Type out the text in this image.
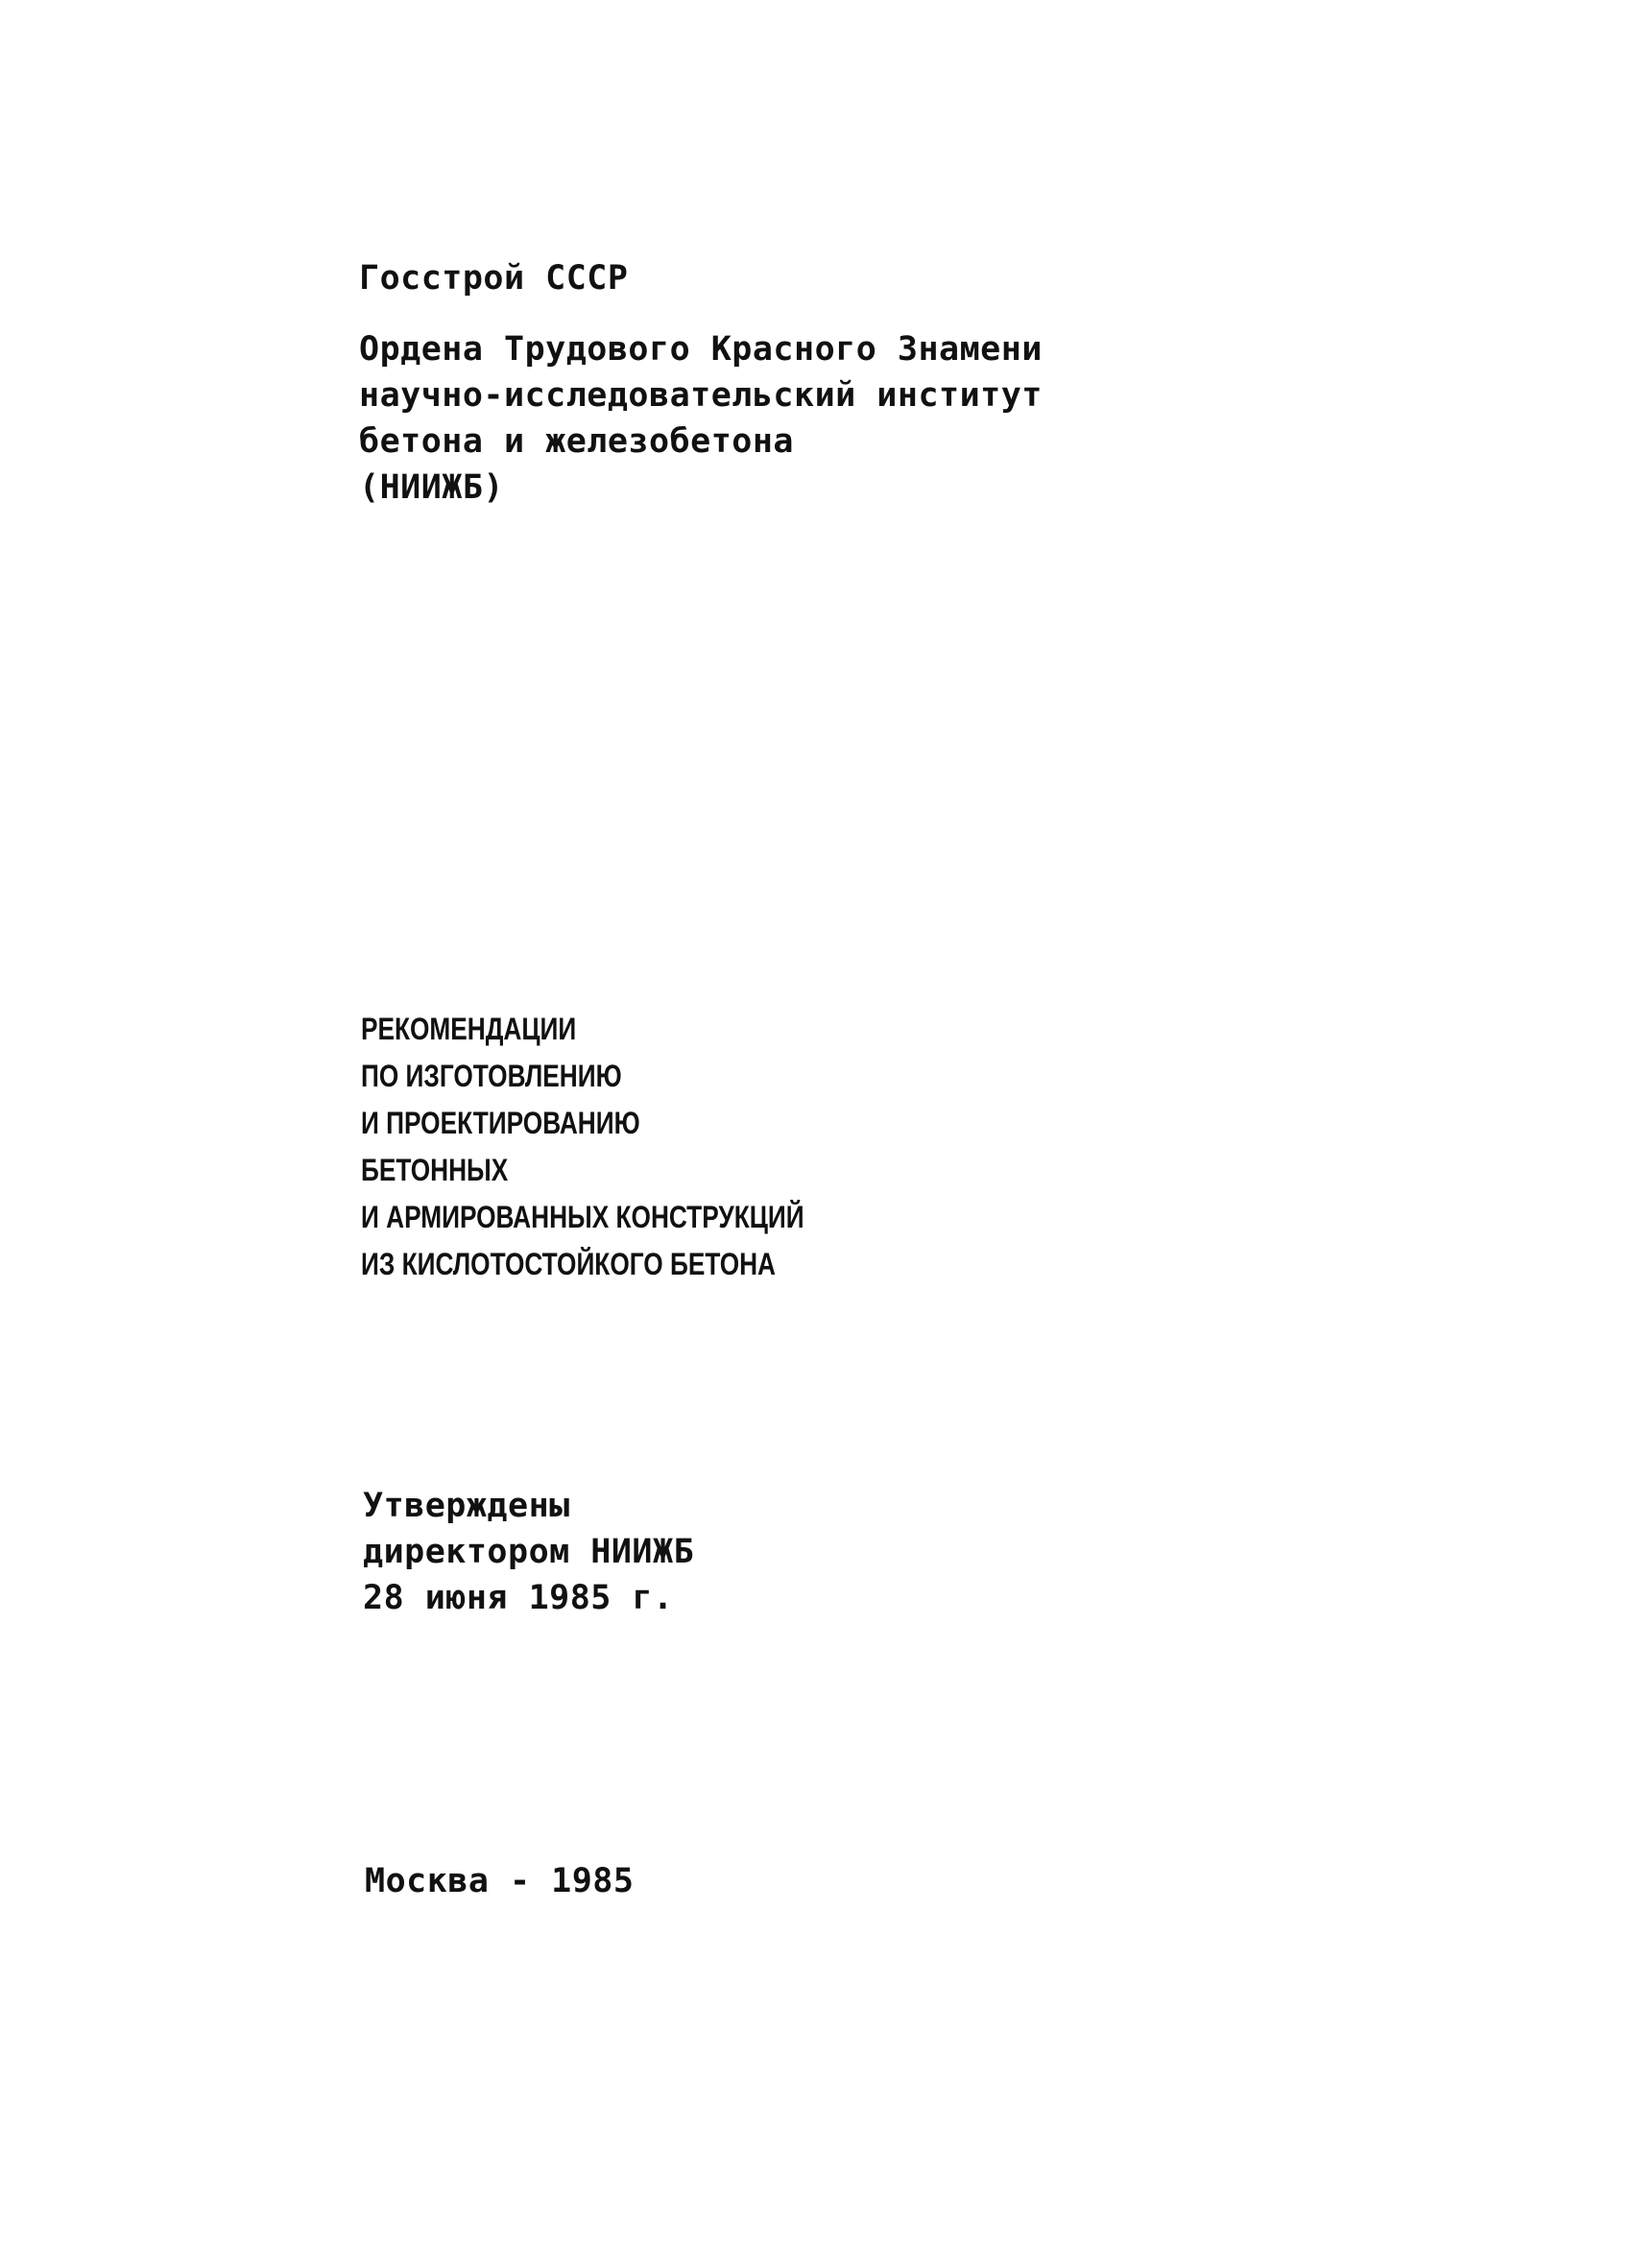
Госстрой СССР
Ордена Трудового Красного Знамени
научно-исследовательский институт
бетона и железобетона
(НИИЖБ)
РЕКОМЕНДАЦИИ
ПО ИЗГОТОВЛЕНИЮ
И ПРОЕКТИРОВАНИЮ
БЕТОННЫХ
И АРМИРОВАННЫХ КОНСТРУКЦИЙ
ИЗ КИСЛОТОСТОЙКОГО БЕТОНА
Утверждены
директором НИИЖБ
28 июня 1985 г.
Москва - 1985
